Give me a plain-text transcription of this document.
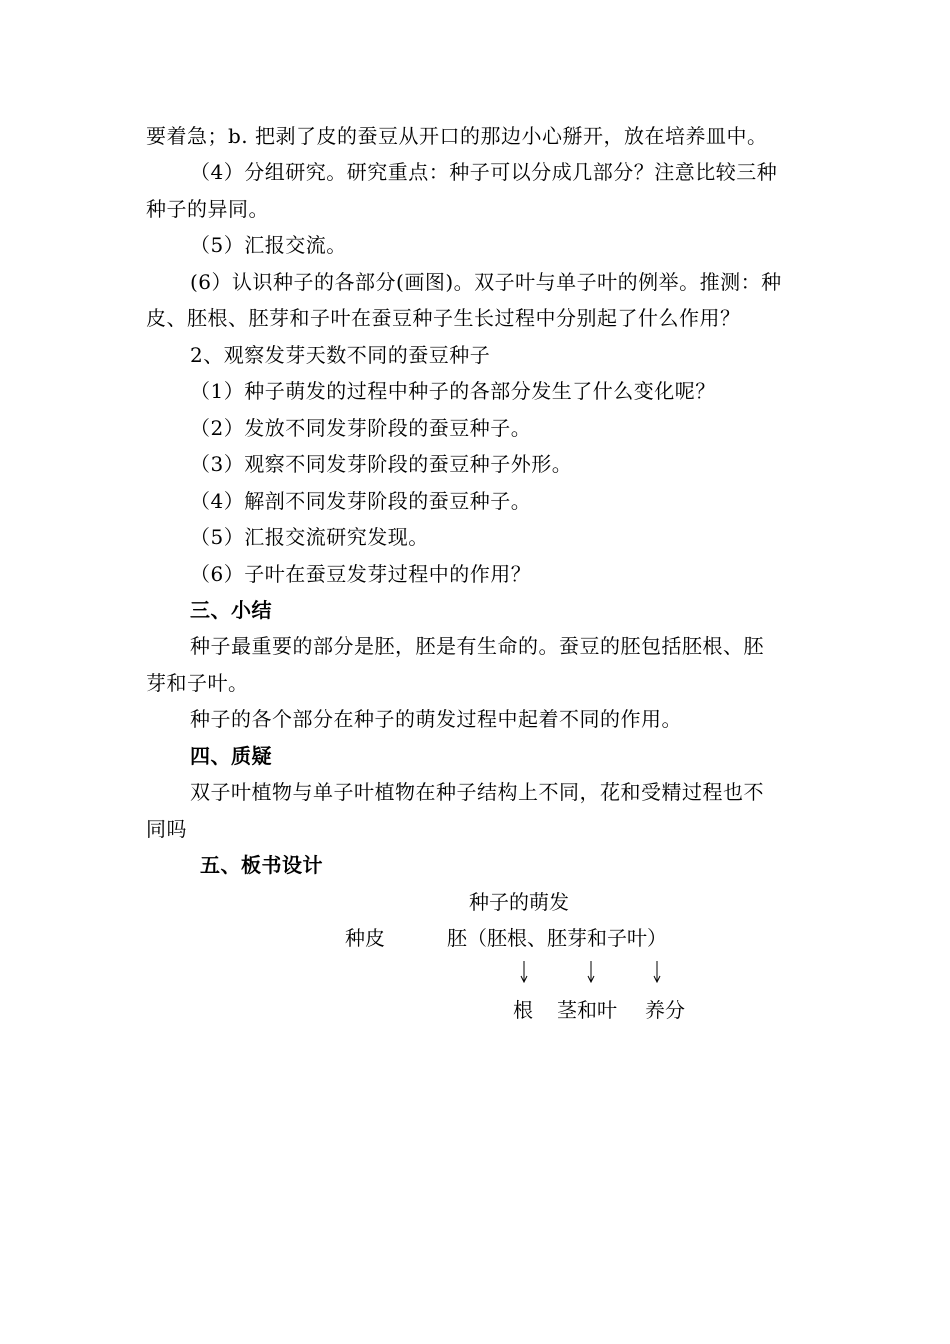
要着急；b. 把剥了皮的蚕豆从开口的那边小心掰开，放在培养皿中。
（4）分组研究。研究重点：种子可以分成几部分？注意比较三种
种子的异同。
（5）汇报交流。
(6）认识种子的各部分(画图)。双子叶与单子叶的例举。推测：种
皮、胚根、胚芽和子叶在蚕豆种子生长过程中分别起了什么作用？
2、观察发芽天数不同的蚕豆种子
（1）种子萌发的过程中种子的各部分发生了什么变化呢？
（2）发放不同发芽阶段的蚕豆种子。
（3）观察不同发芽阶段的蚕豆种子外形。
（4）解剖不同发芽阶段的蚕豆种子。
（5）汇报交流研究发现。
（6）子叶在蚕豆发芽过程中的作用？
三、小结
种子最重要的部分是胚，胚是有生命的。蚕豆的胚包括胚根、胚
芽和子叶。
种子的各个部分在种子的萌发过程中起着不同的作用。
四、质疑
双子叶植物与单子叶植物在种子结构上不同，花和受精过程也不
同吗
五、板书设计
种子的萌发
种皮	胚（胚根、胚芽和子叶）
根 茎和叶 养分
